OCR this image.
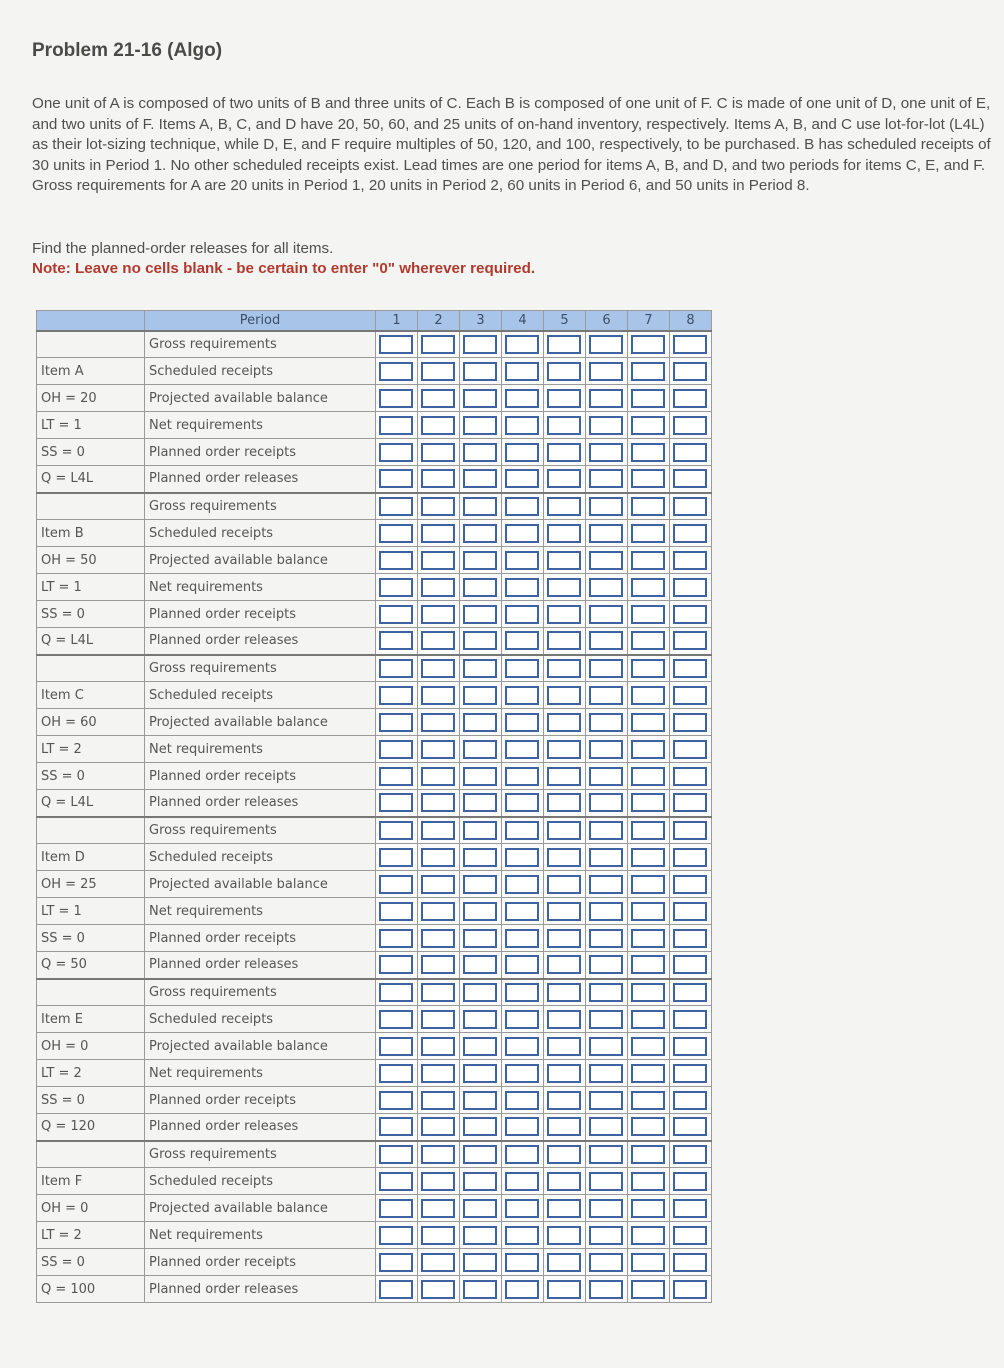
Problem 21-16 (Algo)
One unit of A is composed of two units of B and three units of C. Each B is composed of one unit of F. C is made of one unit of D, one unit of E, and two units of F. Items A, B, C, and D have 20, 50, 60, and 25 units of on-hand inventory, respectively. Items A, B, and C use lot-for-lot (L4L) as their lot-sizing technique, while D, E, and F require multiples of 50, 120, and 100, respectively, to be purchased. B has scheduled receipts of 30 units in Period 1. No other scheduled receipts exist. Lead times are one period for items A, B, and D, and two periods for items C, E, and F. Gross requirements for A are 20 units in Period 1, 20 units in Period 2, 60 units in Period 6, and 50 units in Period 8.
Find the planned-order releases for all items.
Note: Leave no cells blank - be certain to enter "0" wherever required.
	Period	1	2	3	4	5	6	7	8
	Gross requirements								
Item A	Scheduled receipts								
OH = 20	Projected available balance								
LT = 1	Net requirements								
SS = 0	Planned order receipts								
Q = L4L	Planned order releases								
	Gross requirements								
Item B	Scheduled receipts								
OH = 50	Projected available balance								
LT = 1	Net requirements								
SS = 0	Planned order receipts								
Q = L4L	Planned order releases								
	Gross requirements								
Item C	Scheduled receipts								
OH = 60	Projected available balance								
LT = 2	Net requirements								
SS = 0	Planned order receipts								
Q = L4L	Planned order releases								
	Gross requirements								
Item D	Scheduled receipts								
OH = 25	Projected available balance								
LT = 1	Net requirements								
SS = 0	Planned order receipts								
Q = 50	Planned order releases								
	Gross requirements								
Item E	Scheduled receipts								
OH = 0	Projected available balance								
LT = 2	Net requirements								
SS = 0	Planned order receipts								
Q = 120	Planned order releases								
	Gross requirements								
Item F	Scheduled receipts								
OH = 0	Projected available balance								
LT = 2	Net requirements								
SS = 0	Planned order receipts								
Q = 100	Planned order releases								
